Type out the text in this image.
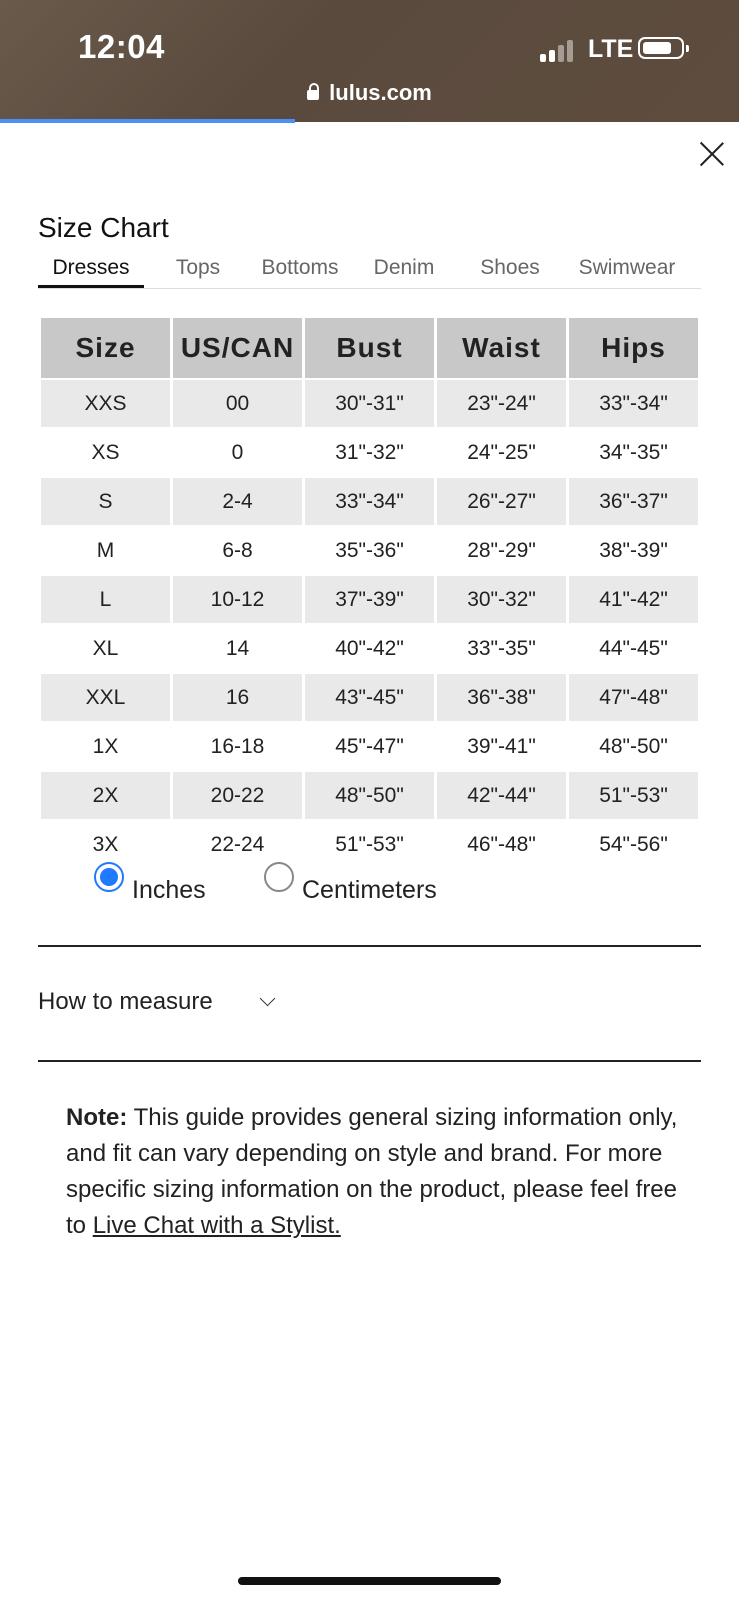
12:04	LTE
lulus.com
Size Chart
Dresses	Tops	Bottoms	Denim	Shoes	Swimwear
Size	US/CAN	Bust	Waist	Hips
XXS	00	30"-31"	23"-24"	33"-34"
XS	0	31"-32"	24"-25"	34"-35"
S	2-4	33"-34"	26"-27"	36"-37"
M	6-8	35"-36"	28"-29"	38"-39"
L	10-12	37"-39"	30"-32"	41"-42"
XL	14	40"-42"	33"-35"	44"-45"
XXL	16	43"-45"	36"-38"	47"-48"
1X	16-18	45"-47"	39"-41"	48"-50"
2X	20-22	48"-50"	42"-44"	51"-53"
3X	22-24	51"-53"	46"-48"	54"-56"
Inches	Centimeters
How to measure
Note: This guide provides general sizing information only, and fit can vary depending on style and brand. For more specific sizing information on the product, please feel free to Live Chat with a Stylist.
